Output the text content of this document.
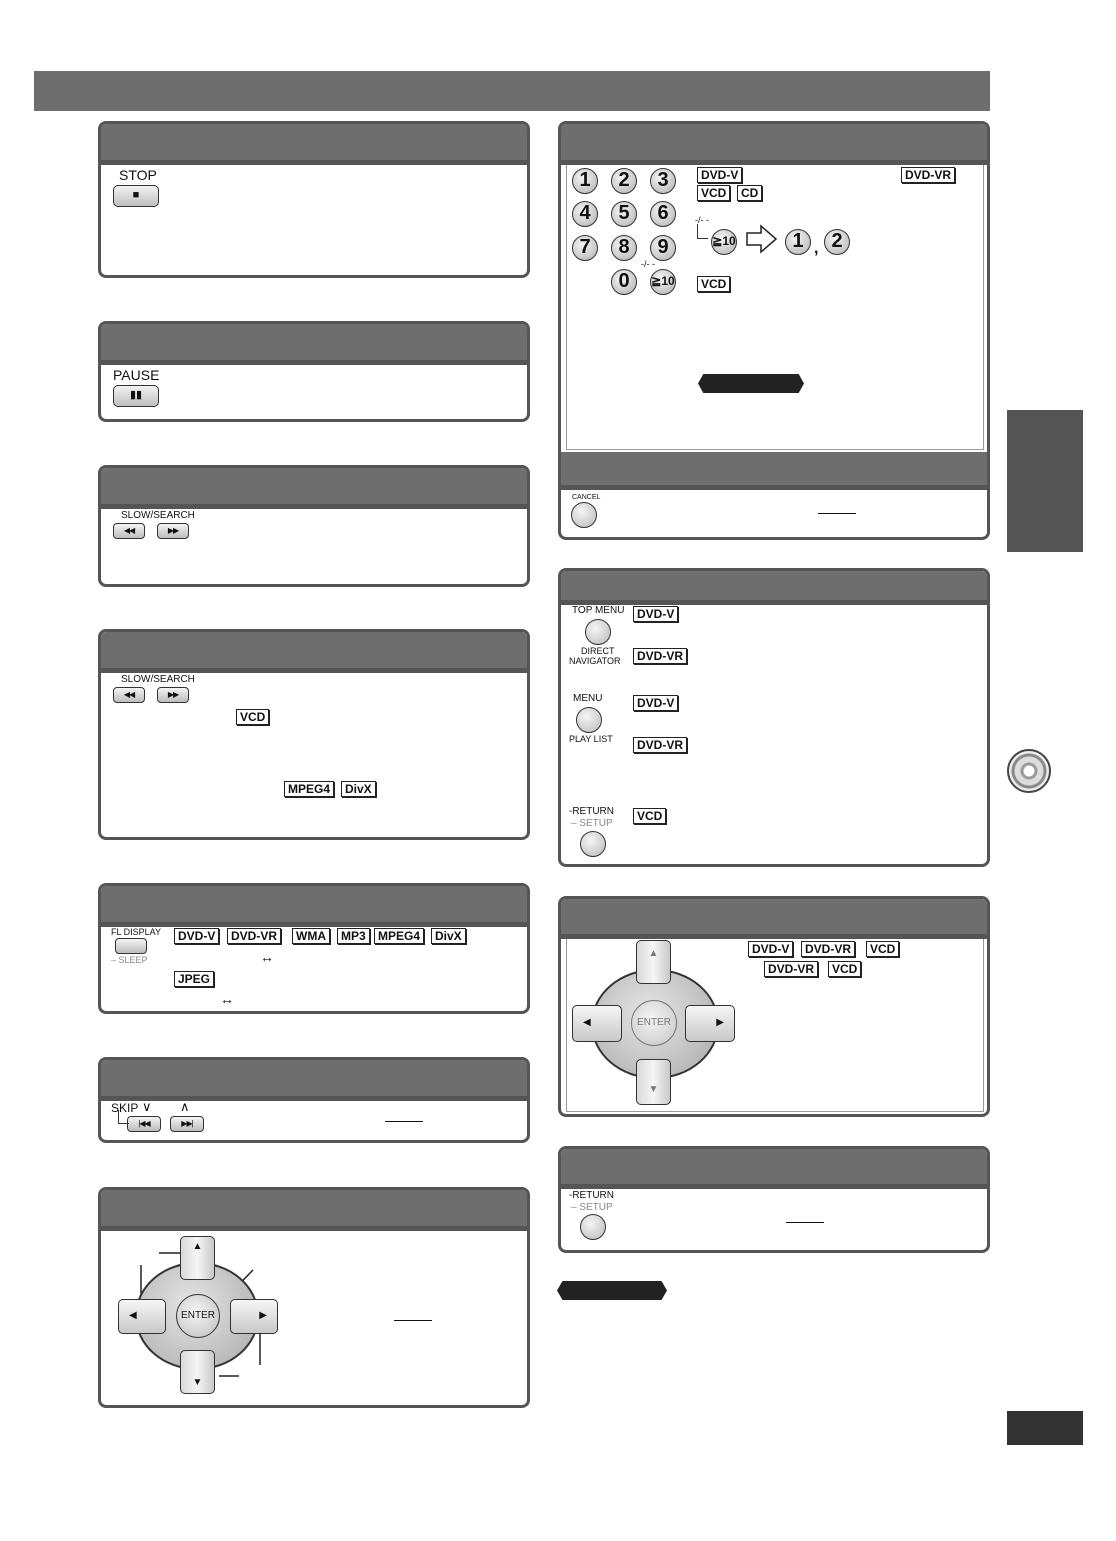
STOP
■
PAUSE
▮▮
SLOW/SEARCH
◀◀	▶▶
SLOW/SEARCH
◀◀	▶▶
VCD
MPEG4	DivX
FL DISPLAY
– SLEEP
DVD-V	DVD-VR	WMA	MP3	MPEG4	DivX
↔
JPEG
↔
SKIP ∨ ∧
|◀◀	▶▶|
▲
▼
◀	▶
ENTER
1	2	3
4	5	6
7	8	9
0
-/- -
≧10
DVD-V	DVD-VR
VCD	CD
-/- -
≧10	1 , 2
VCD
CANCEL
TOP MENU
DIRECT
NAVIGATOR
DVD-V
DVD-VR
MENU
PLAY LIST
DVD-V
DVD-VR
-RETURN
– SETUP
VCD
▲
▼
◀	▶
ENTER
DVD-V	DVD-VR	VCD
DVD-VR	VCD
-RETURN
– SETUP
